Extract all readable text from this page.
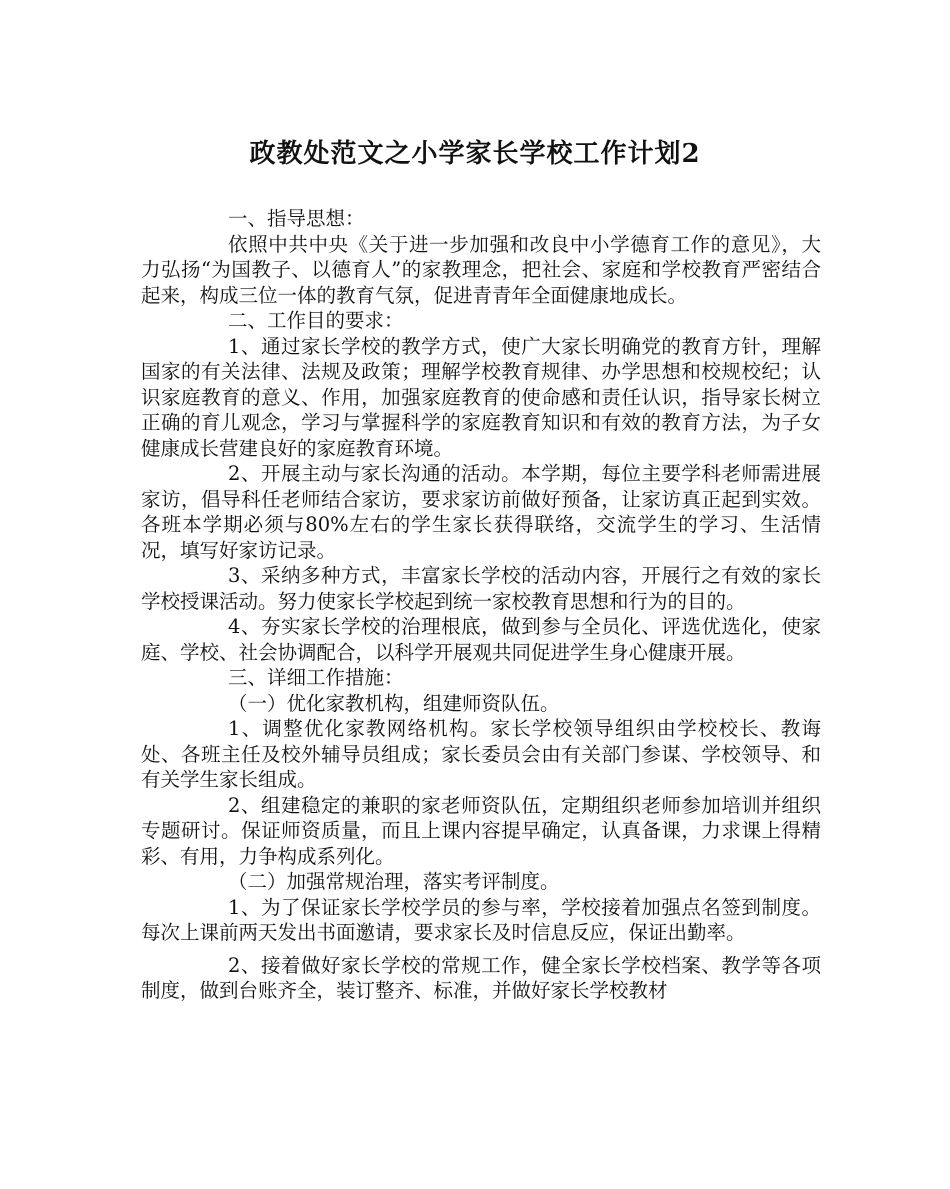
政教处范文之小学家长学校工作计划2

一、指导思想：

依照中共中央《关于进一步加强和改良中小学德育工作的意见》，大力弘扬“为国教子、以德育人”的家教理念，把社会、家庭和学校教育严密结合起来，构成三位一体的教育气氛，促进青青年全面健康地成长。

二、工作目的要求：

1、通过家长学校的教学方式，使广大家长明确党的教育方针，理解国家的有关法律、法规及政策；理解学校教育规律、办学思想和校规校纪；认识家庭教育的意义、作用，加强家庭教育的使命感和责任认识，指导家长树立正确的育儿观念，学习与掌握科学的家庭教育知识和有效的教育方法，为子女健康成长营建良好的家庭教育环境。

2、开展主动与家长沟通的活动。本学期，每位主要学科老师需进展家访，倡导科任老师结合家访，要求家访前做好预备，让家访真正起到实效。各班本学期必须与80%左右的学生家长获得联络，交流学生的学习、生活情况，填写好家访记录。

3、采纳多种方式，丰富家长学校的活动内容，开展行之有效的家长学校授课活动。努力使家长学校起到统一家校教育思想和行为的目的。

4、夯实家长学校的治理根底，做到参与全员化、评选优选化，使家庭、学校、社会协调配合，以科学开展观共同促进学生身心健康开展。

三、详细工作措施：

（一）优化家教机构，组建师资队伍。

1、调整优化家教网络机构。家长学校领导组织由学校校长、教诲处、各班主任及校外辅导员组成；家长委员会由有关部门参谋、学校领导、和有关学生家长组成。

2、组建稳定的兼职的家老师资队伍，定期组织老师参加培训并组织专题研讨。保证师资质量，而且上课内容提早确定，认真备课，力求课上得精彩、有用，力争构成系列化。

（二）加强常规治理，落实考评制度。

1、为了保证家长学校学员的参与率，学校接着加强点名签到制度。每次上课前两天发出书面邀请，要求家长及时信息反应，保证出勤率。

2、接着做好家长学校的常规工作，健全家长学校档案、教学等各项制度，做到台账齐全，装订整齐、标准，并做好家长学校教材
